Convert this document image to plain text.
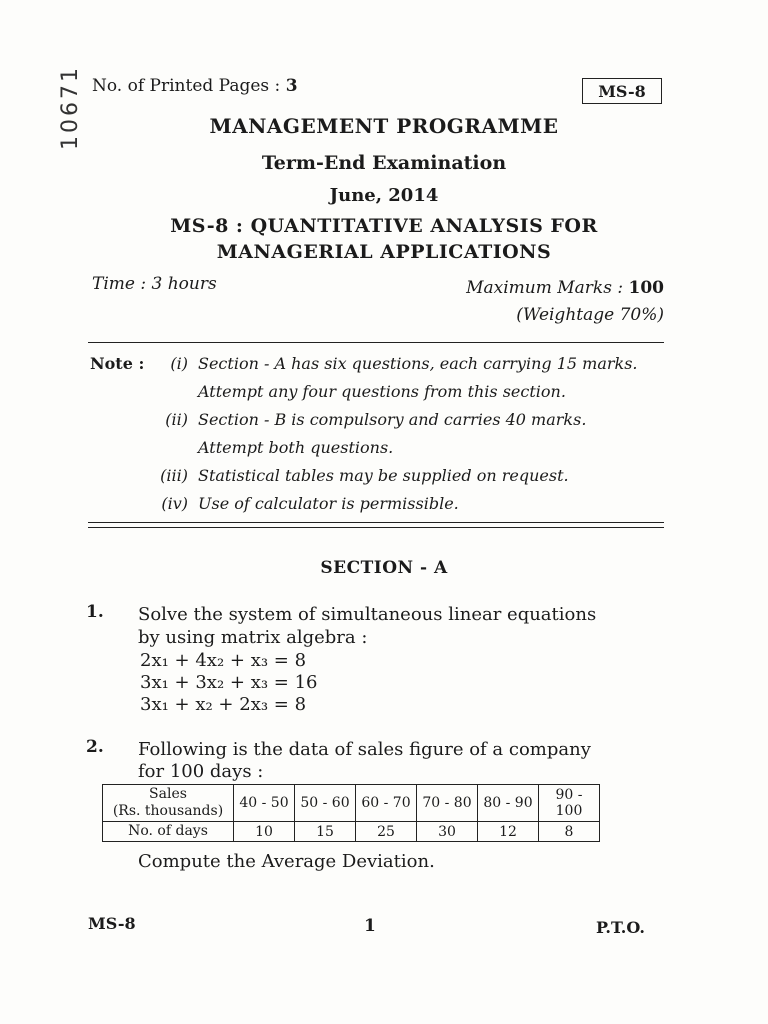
No. of Printed Pages : 3	MS-8
10671	MANAGEMENT PROGRAMME
Term-End Examination
June, 2014
MS-8 : QUANTITATIVE ANALYSIS FOR
MANAGERIAL APPLICATIONS
Time : 3 hours	Maximum Marks : 100
(Weightage 70%)
Note :	(i) Section - A has six questions, each carrying 15 marks.
Attempt any four questions from this section.
(ii) Section - B is compulsory and carries 40 marks.
Attempt both questions.
(iii) Statistical tables may be supplied on request.
(iv) Use of calculator is permissible.
SECTION - A
1. Solve the system of simultaneous linear equations
by using matrix algebra :
2x₁ + 4x₂ + x₃ = 8
3x₁ + 3x₂ + x₃ = 16
3x₁ + x₂ + 2x₃ = 8
2. Following is the data of sales figure of a company
for 100 days :
Sales
(Rs. thousands)	40 - 50	50 - 60	60 - 70	70 - 80	80 - 90	90 - 100
No. of days	10	15	25	30	12	8
Compute the Average Deviation.
MS-8	1	P.T.O.
